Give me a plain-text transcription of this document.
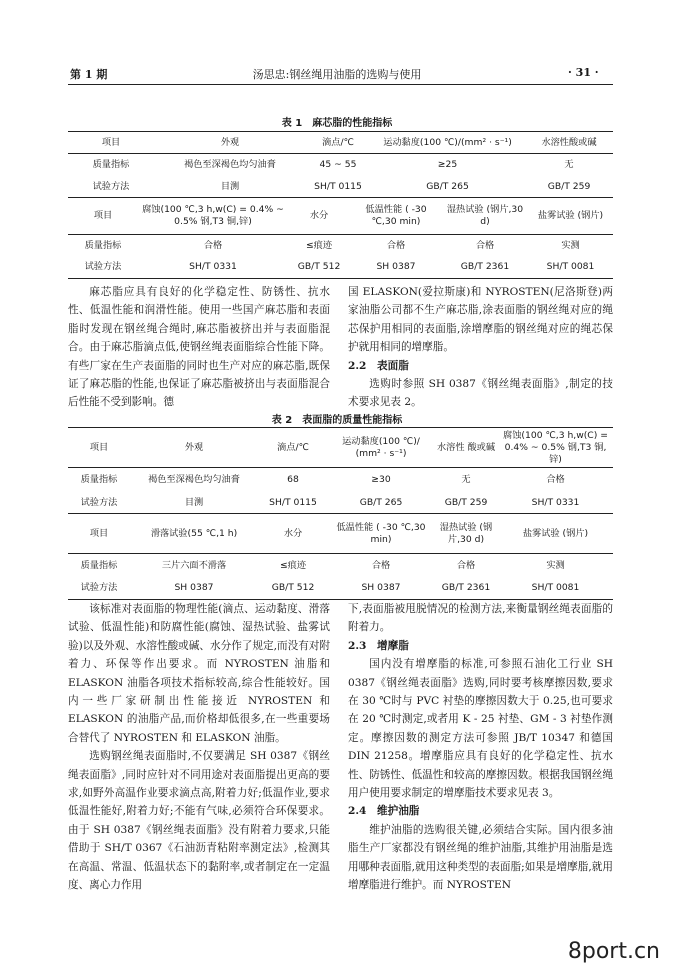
第 1 期	汤思忠:钢丝绳用油脂的选购与使用	· 31 ·
表 1　麻芯脂的性能指标
项目	外观	滴点/℃	运动黏度(100 ℃)/(mm² · s⁻¹)	水溶性酸或碱
质量指标	褐色至深褐色均匀油膏	45 ~ 55	≥25	无
试验方法	目测	SH/T 0115	GB/T 265	GB/T 259
项目	腐蚀(100 ℃,3 h,w(C) = 0.4% ~ 0.5% 钢,T3 铜,锌)	水分	低温性能 ( -30 ℃,30 min)	湿热试验 (钢片,30 d)	盐雾试验 (钢片)
质量指标	合格	≤痕迹	合格	合格	实测
试验方法	SH/T 0331	GB/T 512	SH 0387	GB/T 2361	SH/T 0081

麻芯脂应具有良好的化学稳定性、防锈性、抗水性、低温性能和润滑性能。使用一些国产麻芯脂和表面脂时发现在钢丝绳合绳时,麻芯脂被挤出并与表面脂混合。由于麻芯脂滴点低,使钢丝绳表面脂综合性能下降。有些厂家在生产表面脂的同时也生产对应的麻芯脂,既保证了麻芯脂的性能,也保证了麻芯脂被挤出与表面脂混合后性能不受到影响。德

国 ELASKON(爱拉斯康)和 NYROSTEN(尼洛斯登)两家油脂公司都不生产麻芯脂,涂表面脂的钢丝绳对应的绳芯保护用相同的表面脂,涂增摩脂的钢丝绳对应的绳芯保护就用相同的增摩脂。

2.2　表面脂

选购时参照 SH 0387《钢丝绳表面脂》,制定的技术要求见表 2。

表 2　表面脂的质量性能指标
项目	外观	滴点/℃	运动黏度(100 ℃)/ (mm² · s⁻¹)	水溶性 酸或碱	腐蚀(100 ℃,3 h,w(C) = 0.4% ~ 0.5% 钢,T3 铜,锌)
质量指标	褐色至深褐色均匀油膏	68	≥30	无	合格
试验方法	目测	SH/T 0115	GB/T 265	GB/T 259	SH/T 0331
项目	滑落试验(55 ℃,1 h)	水分	低温性能 ( -30 ℃,30 min)	湿热试验 (钢片,30 d)	盐雾试验 (钢片)
质量指标	三片六面不滑落	≤痕迹	合格	合格	实测
试验方法	SH 0387	GB/T 512	SH 0387	GB/T 2361	SH/T 0081

该标准对表面脂的物理性能(滴点、运动黏度、滑落试验、低温性能)和防腐性能(腐蚀、湿热试验、盐雾试验)以及外观、水溶性酸或碱、水分作了规定,而没有对附着力、环保等作出要求。而 NYROSTEN 油脂和 ELASKON 油脂各项技术指标较高,综合性能较好。国内一些厂家研制出性能接近 NYROSTEN 和 ELASKON 的油脂产品,而价格却低很多,在一些重要场合替代了 NYROSTEN 和 ELASKON 油脂。

选购钢丝绳表面脂时,不仅要满足 SH 0387《钢丝绳表面脂》,同时应针对不同用途对表面脂提出更高的要求,如野外高温作业要求滴点高,附着力好;低温作业,要求低温性能好,附着力好;不能有气味,必须符合环保要求。由于 SH 0387《钢丝绳表面脂》没有附着力要求,只能借助于 SH/T 0367《石油沥青粘附率测定法》,检测其在高温、常温、低温状态下的黏附率,或者制定在一定温度、离心力作用

下,表面脂被甩脱情况的检测方法,来衡量钢丝绳表面脂的附着力。

2.3　增摩脂

国内没有增摩脂的标准,可参照石油化工行业 SH 0387《钢丝绳表面脂》选购,同时要考核摩擦因数,要求在 30 ℃时与 PVC 衬垫的摩擦因数大于 0.25,也可要求在 20 ℃时测定,或者用 K - 25 衬垫、GM - 3 衬垫作测定。摩擦因数的测定方法可参照 JB/T 10347 和德国 DIN 21258。增摩脂应具有良好的化学稳定性、抗水性、防锈性、低温性和较高的摩擦因数。根据我国钢丝绳用户使用要求制定的增摩脂技术要求见表 3。

2.4　维护油脂

维护油脂的选购很关键,必须结合实际。国内很多油脂生产厂家都没有钢丝绳的维护油脂,其维护用油脂是选用哪种表面脂,就用这种类型的表面脂;如果是增摩脂,就用增摩脂进行维护。而 NYROSTEN

8port.cn
